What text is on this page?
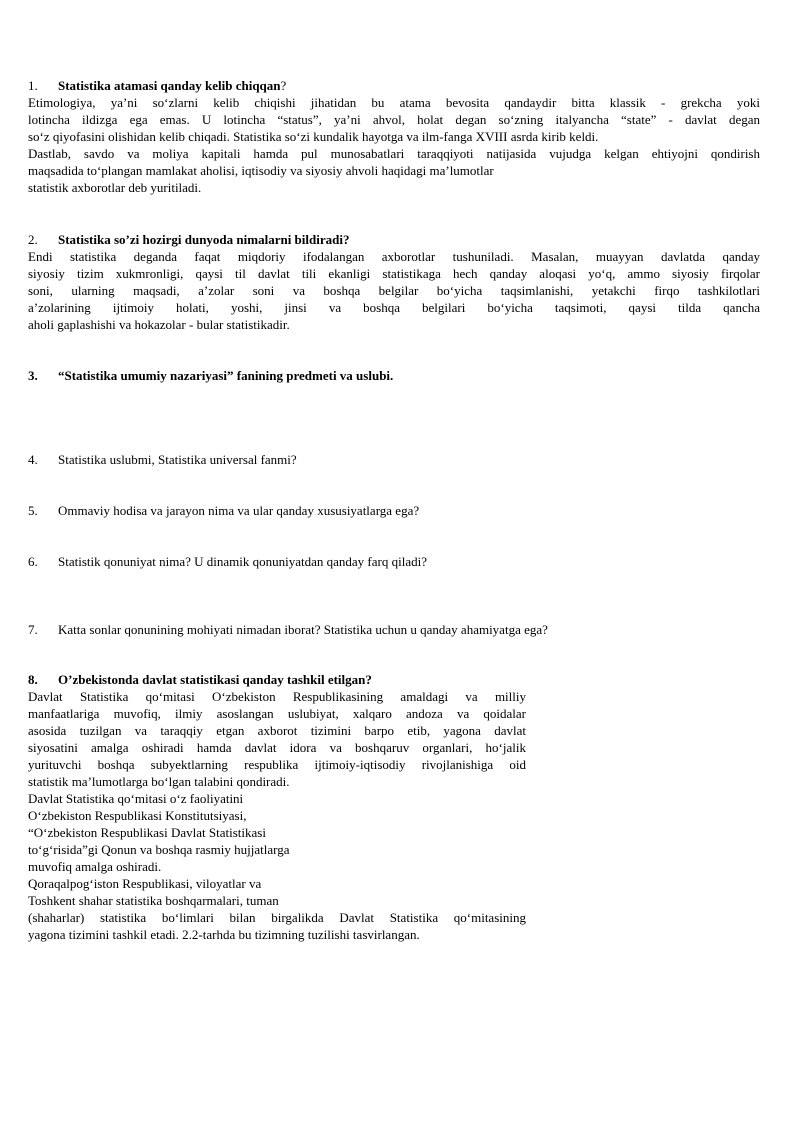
1. Statistika atamasi qanday kelib chiqqan?
Etimologiya, ya’ni so‘zlarni kelib chiqishi jihatidan bu atama bevosita qandaydir bitta klassik - grekcha yoki
lotincha ildizga ega emas. U lotincha “status”, ya’ni ahvol, holat degan so‘zning italyancha “state” - davlat degan
so‘z qiyofasini olishidan kelib chiqadi. Statistika so‘zi kundalik hayotga va ilm-fanga XVIII asrda kirib keldi.
Dastlab, savdo va moliya kapitali hamda pul munosabatlari taraqqiyoti natijasida vujudga kelgan ehtiyojni qondirish
maqsadida to‘plangan mamlakat aholisi, iqtisodiy va siyosiy ahvoli haqidagi ma’lumotlar
statistik axborotlar deb yuritiladi.
2. Statistika so’zi hozirgi dunyoda nimalarni bildiradi?
Endi statistika deganda faqat miqdoriy ifodalangan axborotlar tushuniladi. Masalan, muayyan davlatda qanday
siyosiy tizim xukmronligi, qaysi til davlat tili ekanligi statistikaga hech qanday aloqasi yo‘q, ammo siyosiy firqolar
soni, ularning maqsadi, a’zolar soni va boshqa belgilar bo‘yicha taqsimlanishi, yetakchi firqo tashkilotlari
a’zolarining ijtimoiy holati, yoshi, jinsi va boshqa belgilari bo‘yicha taqsimoti, qaysi tilda qancha
aholi gaplashishi va hokazolar - bular statistikadir.
3. “Statistika umumiy nazariyasi” fanining predmeti va uslubi.
4. Statistika uslubmi, Statistika universal fanmi?
5. Ommaviy hodisa va jarayon nima va ular qanday xususiyatlarga ega?
6. Statistik qonuniyat nima? U dinamik qonuniyatdan qanday farq qiladi?
7. Katta sonlar qonunining mohiyati nimadan iborat? Statistika uchun u qanday ahamiyatga ega?
8. O’zbekistonda davlat statistikasi qanday tashkil etilgan?
Davlat Statistika qo‘mitasi O‘zbekiston Respublikasining amaldagi va milliy
manfaatlariga muvofiq, ilmiy asoslangan uslubiyat, xalqaro andoza va qoidalar
asosida tuzilgan va taraqqiy etgan axborot tizimini barpo etib, yagona davlat
siyosatini amalga oshiradi hamda davlat idora va boshqaruv organlari, ho‘jalik
yurituvchi boshqa subyektlarning respublika ijtimoiy-iqtisodiy rivojlanishiga oid
statistik ma’lumotlarga bo‘lgan talabini qondiradi.
Davlat Statistika qo‘mitasi o‘z faoliyatini
O‘zbekiston Respublikasi Konstitutsiyasi,
“O‘zbekiston Respublikasi Davlat Statistikasi
to‘g‘risida”gi Qonun va boshqa rasmiy hujjatlarga
muvofiq amalga oshiradi.
Qoraqalpog‘iston Respublikasi, viloyatlar va
Toshkent shahar statistika boshqarmalari, tuman
(shaharlar) statistika bo‘limlari bilan birgalikda Davlat Statistika qo‘mitasining
yagona tizimini tashkil etadi. 2.2-tarhda bu tizimning tuzilishi tasvirlangan.
